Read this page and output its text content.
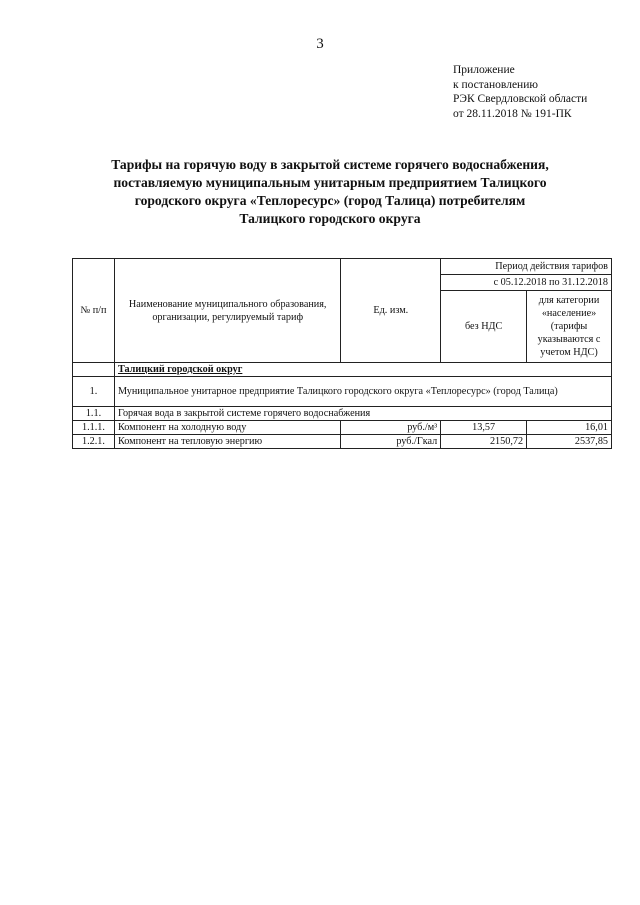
3
Приложение
к постановлению
РЭК Свердловской области
от 28.11.2018 № 191-ПК
Тарифы на горячую воду в закрытой системе горячего водоснабжения,
поставляемую муниципальным унитарным предприятием Талицкого
городского округа «Теплоресурс» (город Талица) потребителям
Талицкого городского округа
№ п/п	Наименование муниципального образования, организации, регулируемый тариф	Ед. изм.	Период действия тарифов	
			с 05.12.2018 по 31.12.2018	
			без НДС	для категории «население» (тарифы указываются с учетом НДС)
	Талицкий городской округ			
1.	Муниципальное унитарное предприятие Талицкого городского округа «Теплоресурс» (город Талица)			
1.1.	Горячая вода в закрытой системе горячего водоснабжения			
1.1.1.	Компонент на холодную воду	руб./м³	13,57	16,01
1.2.1.	Компонент на тепловую энергию	руб./Гкал	2150,72	2537,85
